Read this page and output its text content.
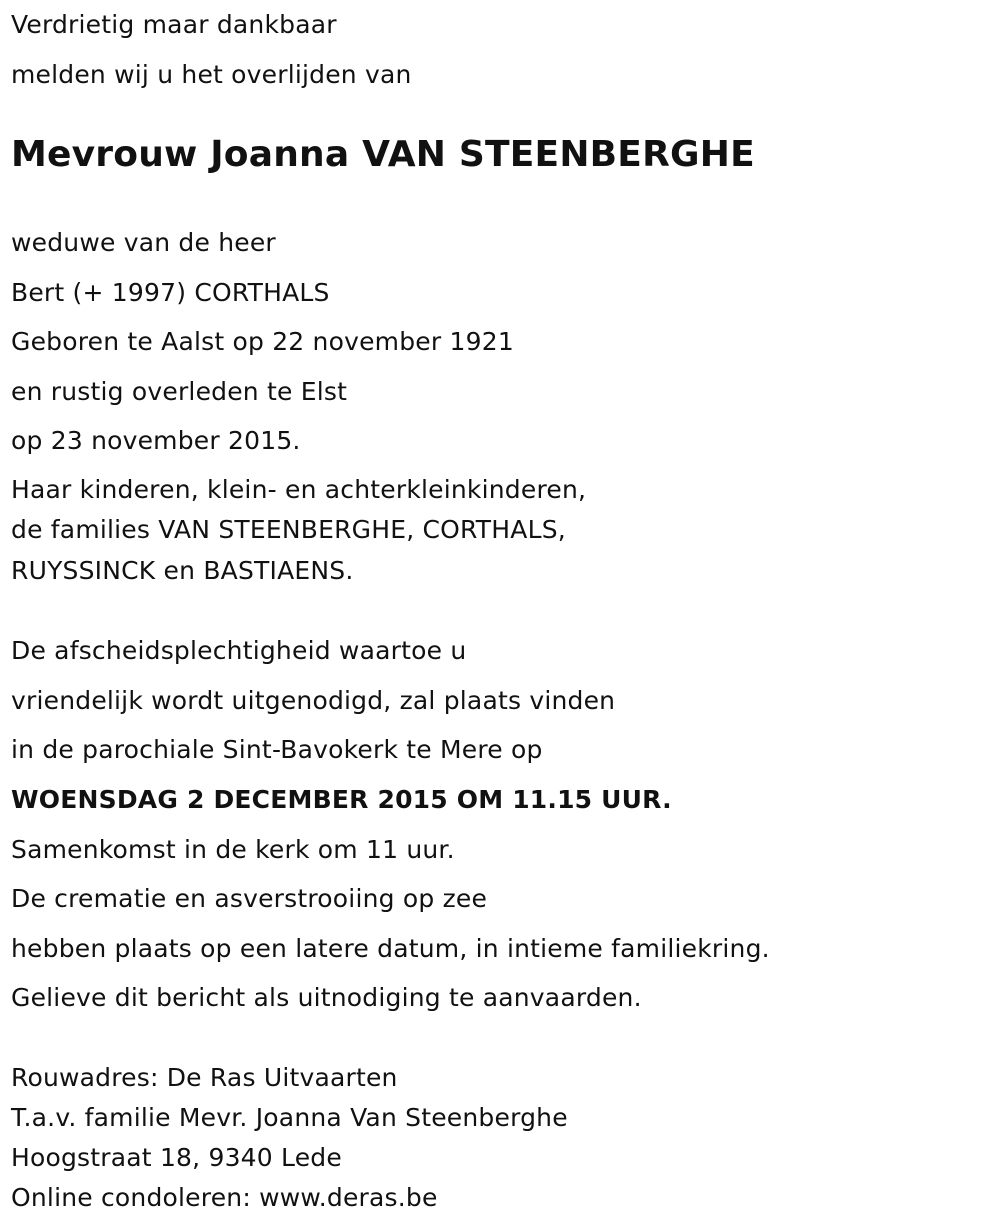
Verdrietig maar dankbaar
melden wij u het overlijden van
Mevrouw Joanna VAN STEENBERGHE
weduwe van de heer
Bert (+ 1997) CORTHALS
Geboren te Aalst op 22 november 1921
en rustig overleden te Elst
op 23 november 2015.
Haar kinderen, klein- en achterkleinkinderen,
de families VAN STEENBERGHE, CORTHALS,
RUYSSINCK en BASTIAENS.
De afscheidsplechtigheid waartoe u
vriendelijk wordt uitgenodigd, zal plaats vinden
in de parochiale Sint-Bavokerk te Mere op
WOENSDAG 2 DECEMBER 2015 OM 11.15 UUR.
Samenkomst in de kerk om 11 uur.
De crematie en asverstrooiing op zee
hebben plaats op een latere datum, in intieme familiekring.
Gelieve dit bericht als uitnodiging te aanvaarden.
Rouwadres: De Ras Uitvaarten
T.a.v. familie Mevr. Joanna Van Steenberghe
Hoogstraat 18, 9340 Lede
Online condoleren: www.deras.be
